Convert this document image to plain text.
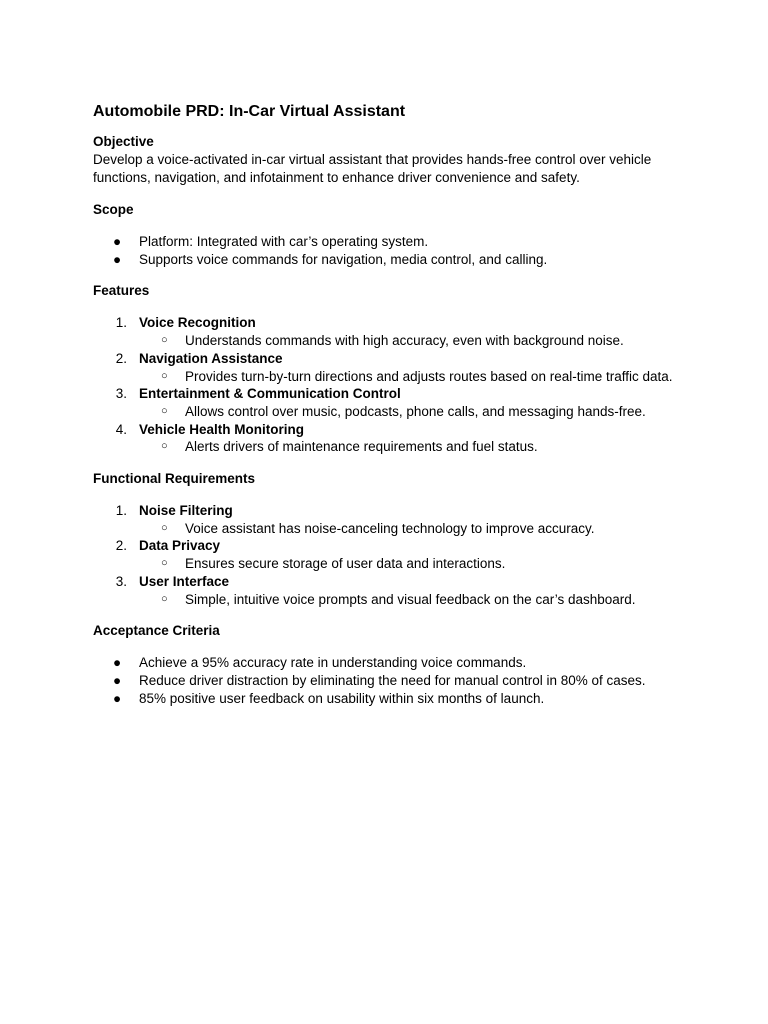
Automobile PRD: In-Car Virtual Assistant
Objective

Develop a voice-activated in-car virtual assistant that provides hands-free control over vehicle functions, navigation, and infotainment to enhance driver convenience and safety.

Scope
●	Platform: Integrated with car’s operating system.
●	Supports voice commands for navigation, media control, and calling.
Features
1. Voice Recognition
○ Understands commands with high accuracy, even with background noise.
2. Navigation Assistance
○ Provides turn-by-turn directions and adjusts routes based on real-time traffic data.
3. Entertainment & Communication Control
○ Allows control over music, podcasts, phone calls, and messaging hands-free.
4. Vehicle Health Monitoring
○ Alerts drivers of maintenance requirements and fuel status.
Functional Requirements
1. Noise Filtering
○ Voice assistant has noise-canceling technology to improve accuracy.
2. Data Privacy
○ Ensures secure storage of user data and interactions.
3. User Interface
○ Simple, intuitive voice prompts and visual feedback on the car’s dashboard.
Acceptance Criteria
●	Achieve a 95% accuracy rate in understanding voice commands.
●	Reduce driver distraction by eliminating the need for manual control in 80% of cases.
●	85% positive user feedback on usability within six months of launch.
